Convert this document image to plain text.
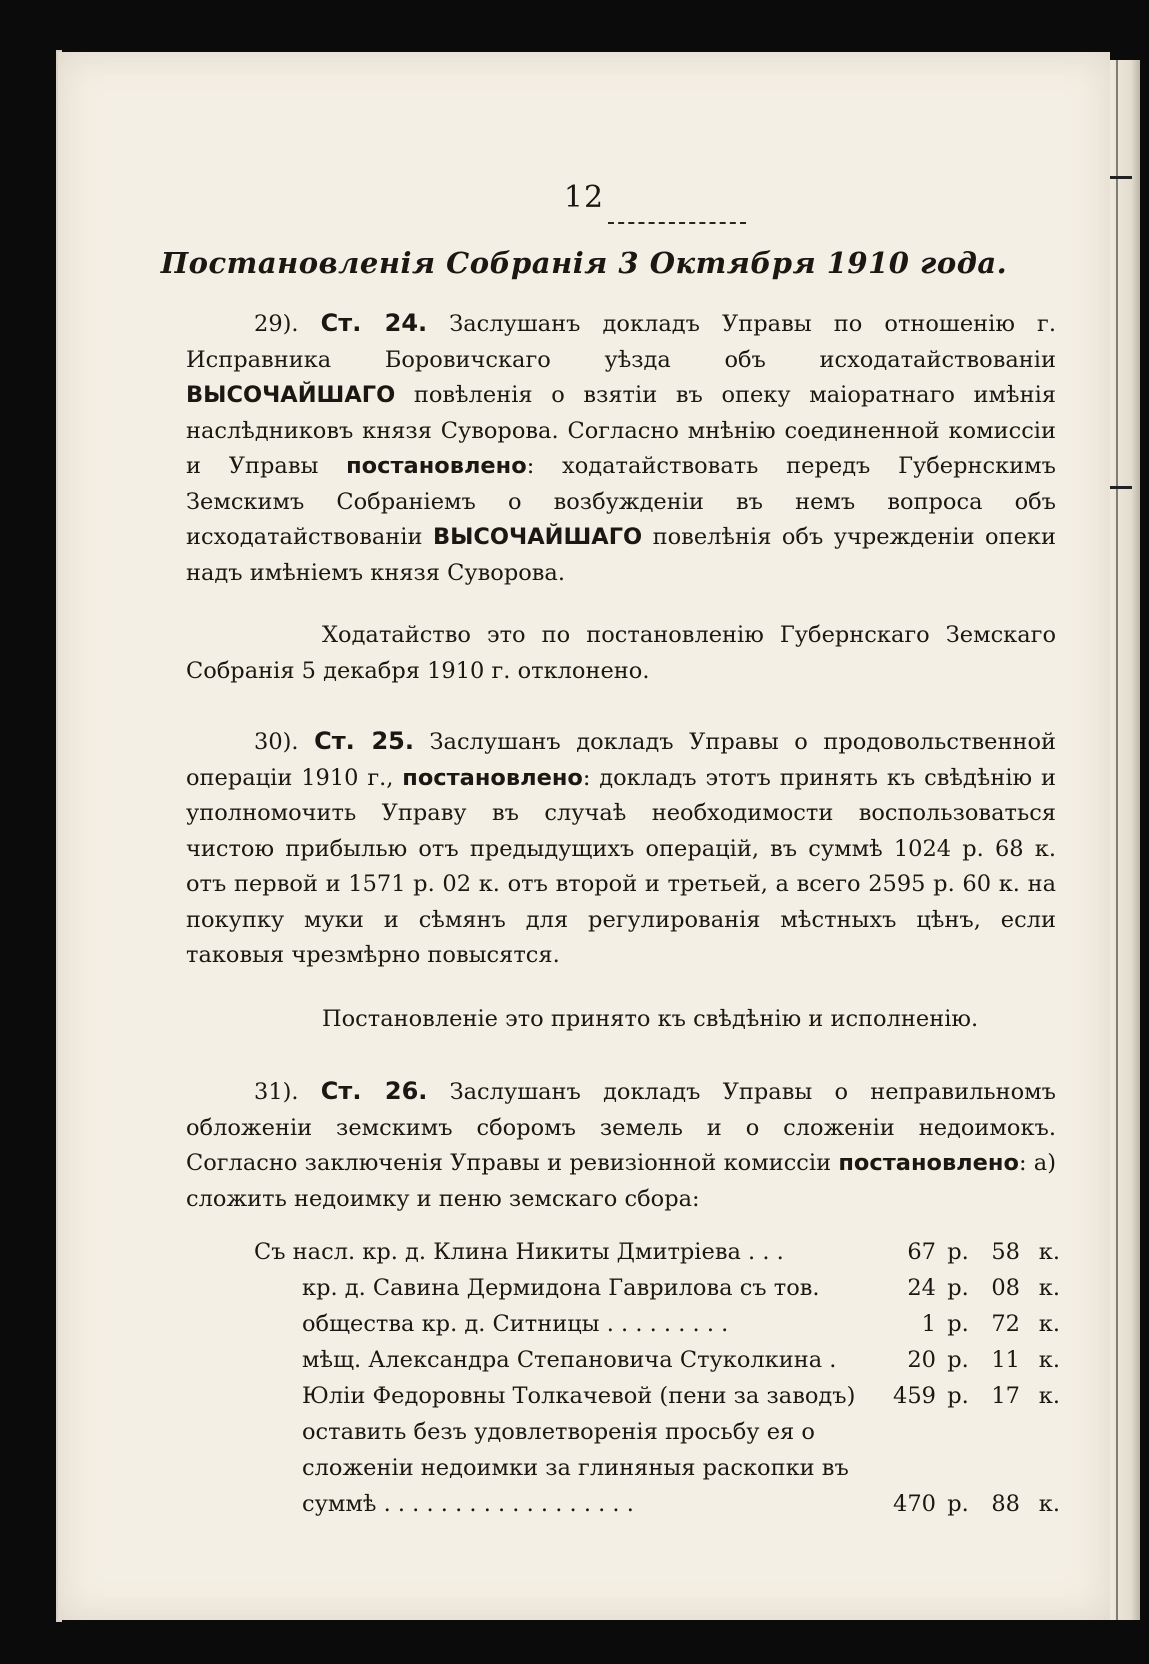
12
Постановленія Собранія 3 Октября 1910 года.
29). Ст. 24. Заслушанъ докладъ Управы по отношенію г. Исправника Боровичскаго уѣзда объ исходатайствованіи ВЫСОЧАЙШАГО повѣленія о взятіи въ опеку маіоратнаго имѣнія наслѣдниковъ князя Суворова. Согласно мнѣнію соединенной комиссіи и Управы постановлено: ходатайствовать передъ Губернскимъ Земскимъ Собраніемъ о возбужденіи въ немъ вопроса объ исходатайствованіи ВЫСОЧАЙШАГО повелѣнія объ учрежденіи опеки надъ имѣніемъ князя Суворова.
Ходатайство это по постановленію Губернскаго Земскаго Собранія 5 декабря 1910 г. отклонено.
30). Ст. 25. Заслушанъ докладъ Управы о продовольственной операціи 1910 г., постановлено: докладъ этотъ принять къ свѣдѣнію и уполномочить Управу въ случаѣ необходимости воспользоваться чистою прибылью отъ предыдущихъ операцій, въ суммѣ 1024 р. 68 к. отъ первой и 1571 р. 02 к. отъ второй и третьей, а всего 2595 р. 60 к. на покупку муки и сѣмянъ для регулированія мѣстныхъ цѣнъ, если таковыя чрезмѣрно повысятся.
Постановленіе это принято къ свѣдѣнію и исполненію.
31). Ст. 26. Заслушанъ докладъ Управы о неправильномъ обложеніи земскимъ сборомъ земель и о сложеніи недоимокъ. Согласно заключенія Управы и ревизіонной комиссіи постановлено: а) сложить недоимку и пеню земскаго сбора:
Съ насл. кр. д. Клина Никиты Дмитріева . . .	67 р.	58 к.
кр. д. Савина Дермидона Гаврилова съ тов.	24 р.	08 к.
общества кр. д. Ситницы . . . . . . . . .	1 р.	72 к.
мѣщ. Александра Степановича Стуколкина .	20 р.	11 к.
Юліи Федоровны Толкачевой (пени за заводъ)	459 р.	17 к.
оставить безъ удовлетворенія просьбу ея о
сложеніи недоимки за глиняныя раскопки въ
суммѣ . . . . . . . . . . . . . . . . . .	470 р.	88 к.
